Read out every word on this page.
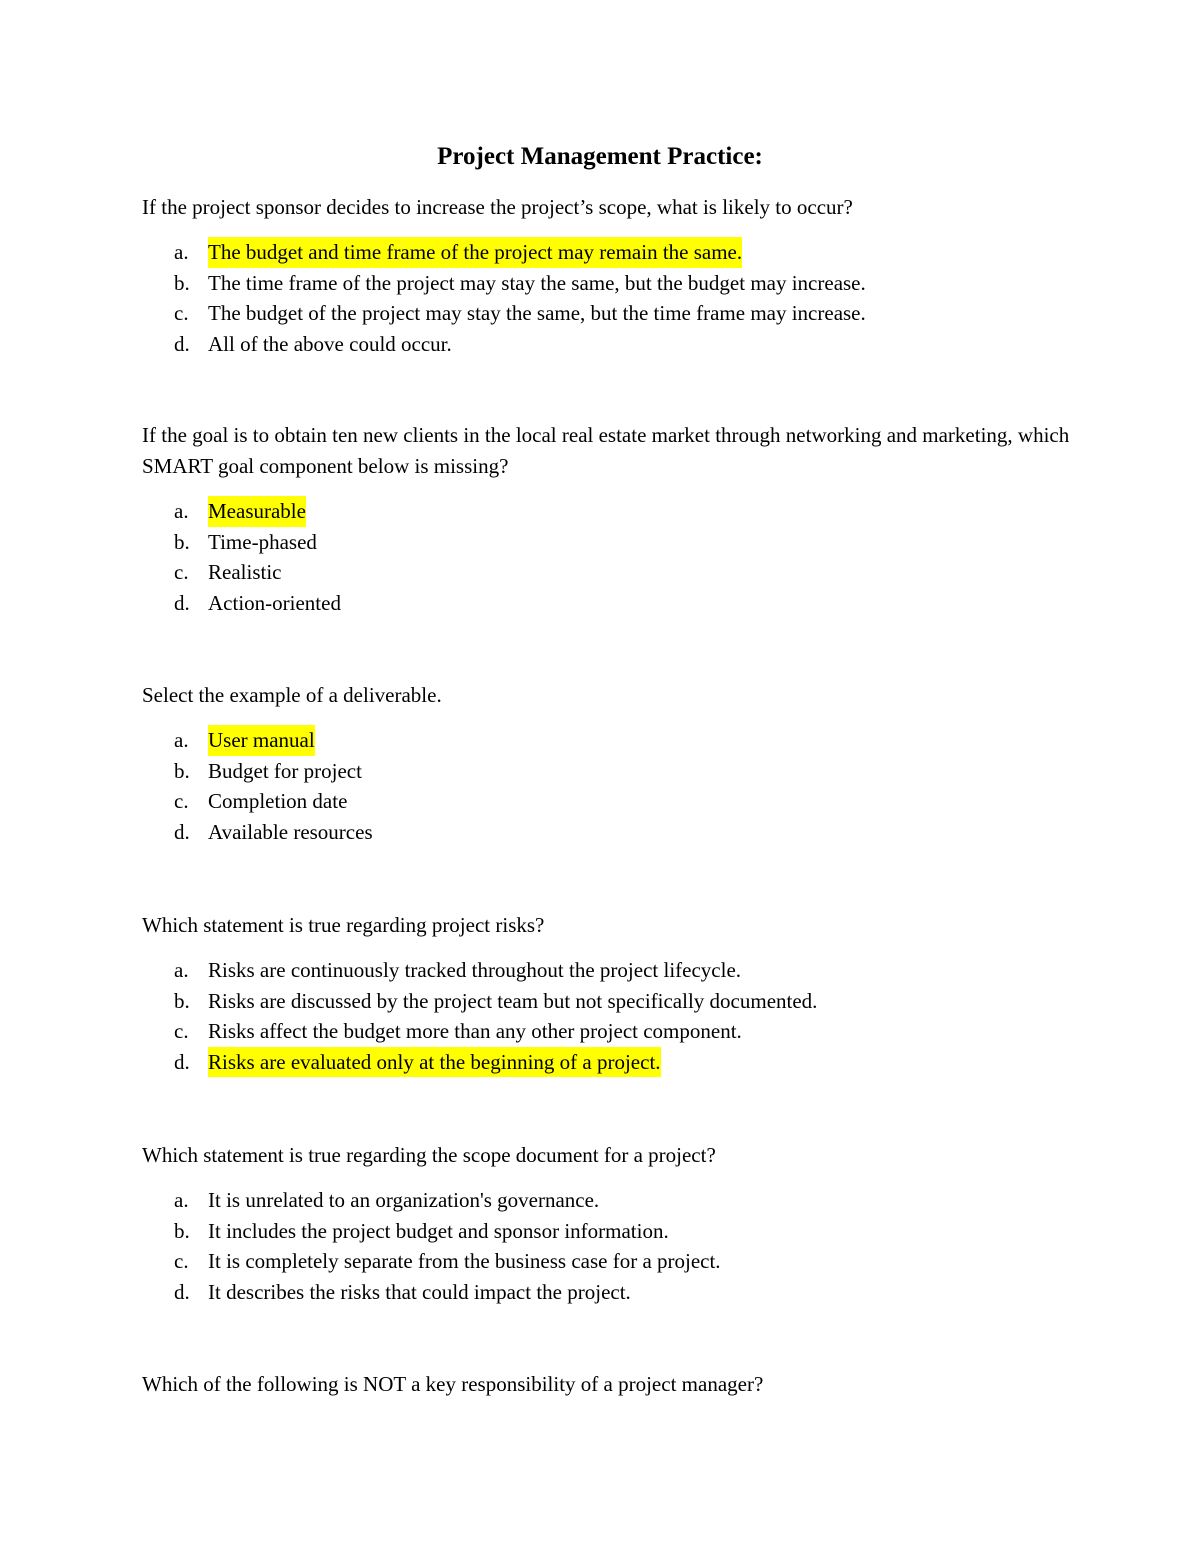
Project Management Practice:

If the project sponsor decides to increase the project’s scope, what is likely to occur?

a. The budget and time frame of the project may remain the same.
b. The time frame of the project may stay the same, but the budget may increase.
c. The budget of the project may stay the same, but the time frame may increase.
d. All of the above could occur.

If the goal is to obtain ten new clients in the local real estate market through networking and marketing, which SMART goal component below is missing?

a. Measurable
b. Time-phased
c. Realistic
d. Action-oriented

Select the example of a deliverable.

a. User manual
b. Budget for project
c. Completion date
d. Available resources

Which statement is true regarding project risks?

a. Risks are continuously tracked throughout the project lifecycle.
b. Risks are discussed by the project team but not specifically documented.
c. Risks affect the budget more than any other project component.
d. Risks are evaluated only at the beginning of a project.

Which statement is true regarding the scope document for a project?

a. It is unrelated to an organization's governance.
b. It includes the project budget and sponsor information.
c. It is completely separate from the business case for a project.
d. It describes the risks that could impact the project.

Which of the following is NOT a key responsibility of a project manager?
